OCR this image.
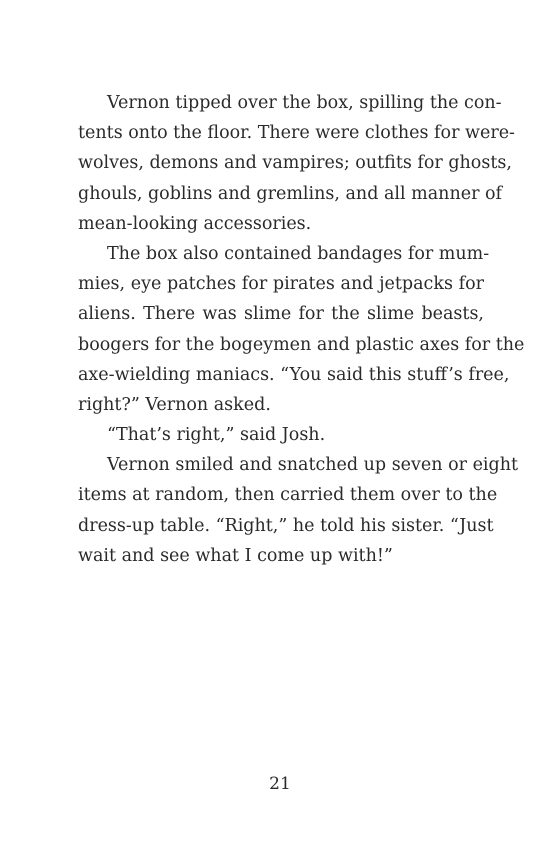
Vernon tipped over the box, spilling the con-
tents onto the floor. There were clothes for were-
wolves, demons and vampires; outfits for ghosts,
ghouls, goblins and gremlins, and all manner of
mean-looking accessories.
The box also contained bandages for mum-
mies, eye patches for pirates and jetpacks for
aliens. There was slime for the slime beasts,
boogers for the bogeymen and plastic axes for the
axe-wielding maniacs. “You said this stuff’s free,
right?” Vernon asked.
“That’s right,” said Josh.
Vernon smiled and snatched up seven or eight
items at random, then carried them over to the
dress-up table. “Right,” he told his sister. “Just
wait and see what I come up with!”
21
